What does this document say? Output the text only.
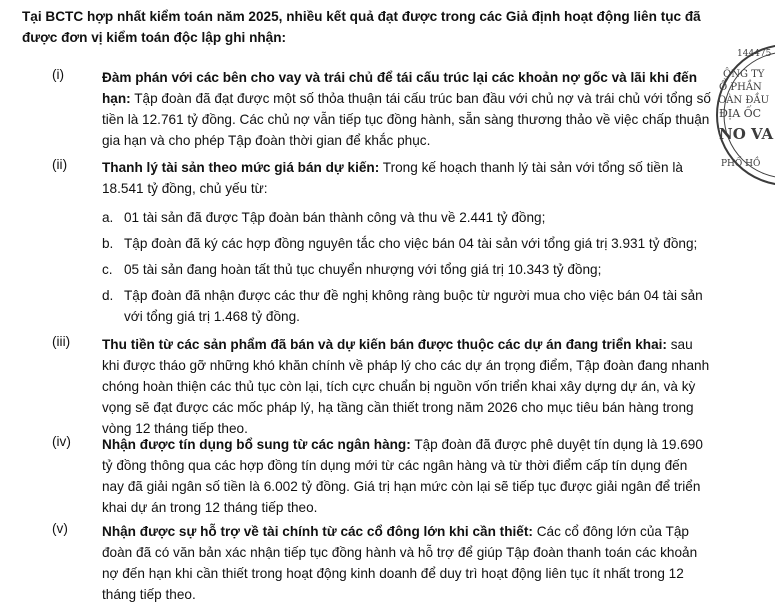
Tại BCTC hợp nhất kiểm toán năm 2025, nhiều kết quả đạt được trong các Giả định hoạt động liên tục đã được đơn vị kiểm toán độc lập ghi nhận:
(i)	Đàm phán với các bên cho vay và trái chủ để tái cấu trúc lại các khoản nợ gốc và lãi khi đến hạn: Tập đoàn đã đạt được một số thỏa thuận tái cấu trúc ban đầu với chủ nợ và trái chủ với tổng số tiền là 12.761 tỷ đồng. Các chủ nợ vẫn tiếp tục đồng hành, sẵn sàng thương thảo về việc chấp thuận gia hạn và cho phép Tập đoàn thời gian để khắc phục.
(ii)	Thanh lý tài sản theo mức giá bán dự kiến: Trong kế hoạch thanh lý tài sản với tổng số tiền là 18.541 tỷ đồng, chủ yếu từ:
a. 01 tài sản đã được Tập đoàn bán thành công và thu về 2.441 tỷ đồng;
b. Tập đoàn đã ký các hợp đồng nguyên tắc cho việc bán 04 tài sản với tổng giá trị 3.931 tỷ đồng;
c. 05 tài sản đang hoàn tất thủ tục chuyển nhượng với tổng giá trị 10.343 tỷ đồng;
d. Tập đoàn đã nhận được các thư đề nghị không ràng buộc từ người mua cho việc bán 04 tài sản với tổng giá trị 1.468 tỷ đồng.
(iii)	Thu tiền từ các sản phẩm đã bán và dự kiến bán được thuộc các dự án đang triển khai: sau khi được tháo gỡ những khó khăn chính về pháp lý cho các dự án trọng điểm, Tập đoàn đang nhanh chóng hoàn thiện các thủ tục còn lại, tích cực chuẩn bị nguồn vốn triển khai xây dựng dự án, và kỳ vọng sẽ đạt được các mốc pháp lý, hạ tầng cần thiết trong năm 2026 cho mục tiêu bán hàng trong vòng 12 tháng tiếp theo.
(iv)	Nhận được tín dụng bổ sung từ các ngân hàng: Tập đoàn đã được phê duyệt tín dụng là 19.690 tỷ đồng thông qua các hợp đồng tín dụng mới từ các ngân hàng và từ thời điểm cấp tín dụng đến nay đã giải ngân số tiền là 6.002 tỷ đồng. Giá trị hạn mức còn lại sẽ tiếp tục được giải ngân để triển khai dự án trong 12 tháng tiếp theo.
(v)	Nhận được sự hỗ trợ về tài chính từ các cổ đông lớn khi cần thiết: Các cổ đông lớn của Tập đoàn đã có văn bản xác nhận tiếp tục đồng hành và hỗ trợ để giúp Tập đoàn thanh toán các khoản nợ đến hạn khi cần thiết trong hoạt động kinh doanh để duy trì hoạt động liên tục ít nhất trong 12 tháng tiếp theo.
144475
ÔNG TY
Ổ PHẦN
OÀN ĐẦU
ĐỊA ỐC
NO VA
PHỐ HỒ
